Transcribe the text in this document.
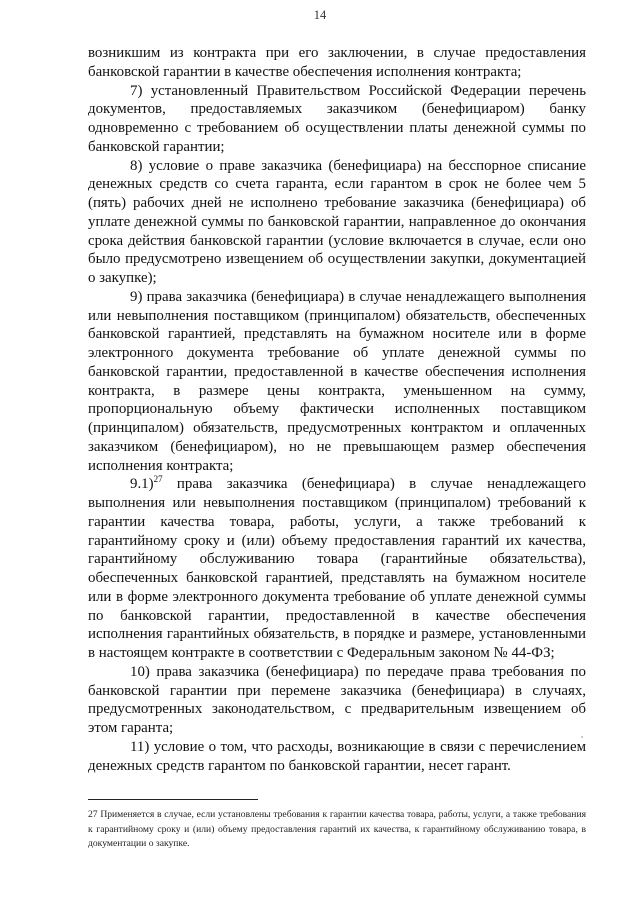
14

возникшим из контракта при его заключении, в случае предоставления банковской гарантии в качестве обеспечения исполнения контракта;

7) установленный Правительством Российской Федерации перечень документов, предоставляемых заказчиком (бенефициаром) банку одновременно с требованием об осуществлении платы денежной суммы по банковской гарантии;

8) условие о праве заказчика (бенефициара) на бесспорное списание денежных средств со счета гаранта, если гарантом в срок не более чем 5 (пять) рабочих дней не исполнено требование заказчика (бенефициара) об уплате денежной суммы по банковской гарантии, направленное до окончания срока действия банковской гарантии (условие включается в случае, если оно было предусмотрено извещением об осуществлении закупки, документацией о закупке);

9) права заказчика (бенефициара) в случае ненадлежащего выполнения или невыполнения поставщиком (принципалом) обязательств, обеспеченных банковской гарантией, представлять на бумажном носителе или в форме электронного документа требование об уплате денежной суммы по банковской гарантии, предоставленной в качестве обеспечения исполнения контракта, в размере цены контракта, уменьшенном на сумму, пропорциональную объему фактически исполненных поставщиком (принципалом) обязательств, предусмотренных контрактом и оплаченных заказчиком (бенефициаром), но не превышающем размер обеспечения исполнения контракта;

9.1)$^{27}$ права заказчика (бенефициара) в случае ненадлежащего выполнения или невыполнения поставщиком (принципалом) требований к гарантии качества товара, работы, услуги, а также требований к гарантийному сроку и (или) объему предоставления гарантий их качества, гарантийному обслуживанию товара (гарантийные обязательства), обеспеченных банковской гарантией, представлять на бумажном носителе или в форме электронного документа требование об уплате денежной суммы по банковской гарантии, предоставленной в качестве обеспечения исполнения гарантийных обязательств, в порядке и размере, установленными в настоящем контракте в соответствии с Федеральным законом № 44-ФЗ;

10) права заказчика (бенефициара) по передаче права требования по банковской гарантии при перемене заказчика (бенефициара) в случаях, предусмотренных законодательством, с предварительным извещением об этом гаранта;

11) условие о том, что расходы, возникающие в связи с перечислением денежных средств гарантом по банковской гарантии, несет гарант.

27 Применяется в случае, если установлены требования к гарантии качества товара, работы, услуги, а также требования к гарантийному сроку и (или) объему предоставления гарантий их качества, к гарантийному обслуживанию товара, в документации о закупке.
